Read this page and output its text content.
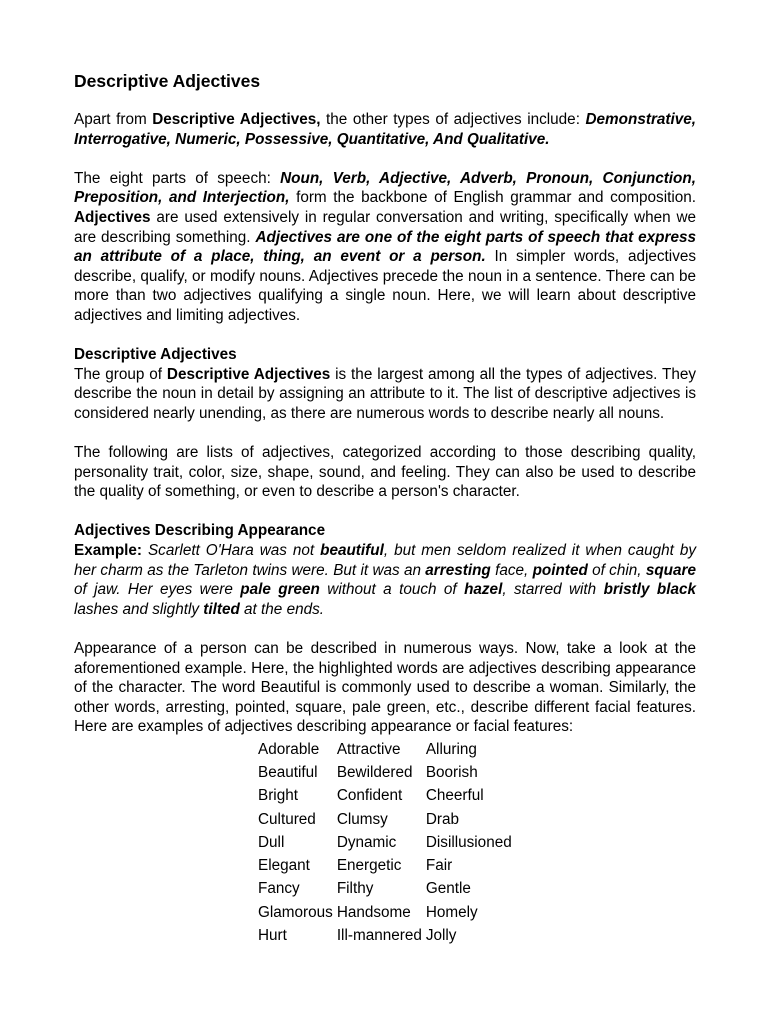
Descriptive Adjectives

Apart from Descriptive Adjectives, the other types of adjectives include: Demonstrative, Interrogative, Numeric, Possessive, Quantitative, And Qualitative.

The eight parts of speech: Noun, Verb, Adjective, Adverb, Pronoun, Conjunction, Preposition, and Interjection, form the backbone of English grammar and composition. Adjectives are used extensively in regular conversation and writing, specifically when we are describing something. Adjectives are one of the eight parts of speech that express an attribute of a place, thing, an event or a person. In simpler words, adjectives describe, qualify, or modify nouns. Adjectives precede the noun in a sentence. There can be more than two adjectives qualifying a single noun. Here, we will learn about descriptive adjectives and limiting adjectives.

Descriptive Adjectives

The group of Descriptive Adjectives is the largest among all the types of adjectives. They describe the noun in detail by assigning an attribute to it. The list of descriptive adjectives is considered nearly unending, as there are numerous words to describe nearly all nouns.

The following are lists of adjectives, categorized according to those describing quality, personality trait, color, size, shape, sound, and feeling. They can also be used to describe the quality of something, or even to describe a person's character.

Adjectives Describing Appearance

Example: Scarlett O'Hara was not beautiful, but men seldom realized it when caught by her charm as the Tarleton twins were. But it was an arresting face, pointed of chin, square of jaw. Her eyes were pale green without a touch of hazel, starred with bristly black lashes and slightly tilted at the ends.

Appearance of a person can be described in numerous ways. Now, take a look at the aforementioned example. Here, the highlighted words are adjectives describing appearance of the character. The word Beautiful is commonly used to describe a woman. Similarly, the other words, arresting, pointed, square, pale green, etc., describe different facial features. Here are examples of adjectives describing appearance or facial features:

Adorable	Attractive	Alluring
Beautiful	Bewildered	Boorish
Bright	Confident	Cheerful
Cultured	Clumsy	Drab
Dull	Dynamic	Disillusioned
Elegant	Energetic	Fair
Fancy	Filthy	Gentle
Glamorous	Handsome	Homely
Hurt	Ill-mannered	Jolly
